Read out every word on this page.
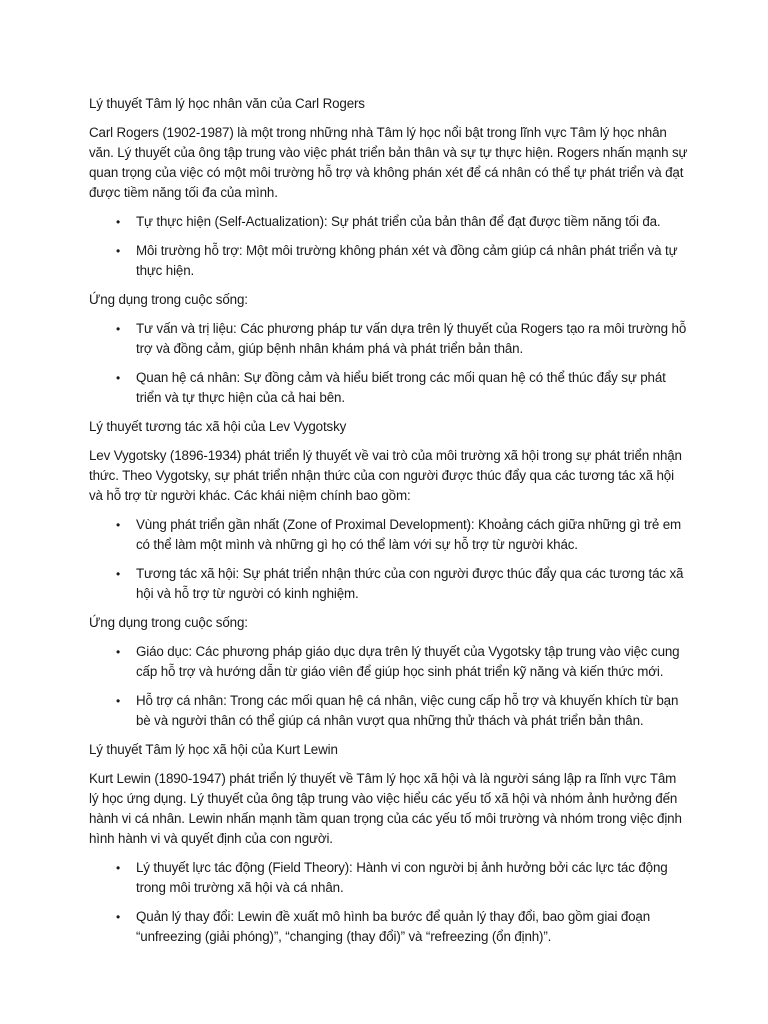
Lý thuyết Tâm lý học nhân văn của Carl Rogers

Carl Rogers (1902-1987) là một trong những nhà Tâm lý học nổi bật trong lĩnh vực Tâm lý học nhân văn. Lý thuyết của ông tập trung vào việc phát triển bản thân và sự tự thực hiện. Rogers nhấn mạnh sự quan trọng của việc có một môi trường hỗ trợ và không phán xét để cá nhân có thể tự phát triển và đạt được tiềm năng tối đa của mình.

• Tự thực hiện (Self-Actualization): Sự phát triển của bản thân để đạt được tiềm năng tối đa.
• Môi trường hỗ trợ: Một môi trường không phán xét và đồng cảm giúp cá nhân phát triển và tự thực hiện.

Ứng dụng trong cuộc sống:

• Tư vấn và trị liệu: Các phương pháp tư vấn dựa trên lý thuyết của Rogers tạo ra môi trường hỗ trợ và đồng cảm, giúp bệnh nhân khám phá và phát triển bản thân.
• Quan hệ cá nhân: Sự đồng cảm và hiểu biết trong các mối quan hệ có thể thúc đẩy sự phát triển và tự thực hiện của cả hai bên.

Lý thuyết tương tác xã hội của Lev Vygotsky

Lev Vygotsky (1896-1934) phát triển lý thuyết về vai trò của môi trường xã hội trong sự phát triển nhận thức. Theo Vygotsky, sự phát triển nhận thức của con người được thúc đẩy qua các tương tác xã hội và hỗ trợ từ người khác. Các khái niệm chính bao gồm:

• Vùng phát triển gần nhất (Zone of Proximal Development): Khoảng cách giữa những gì trẻ em có thể làm một mình và những gì họ có thể làm với sự hỗ trợ từ người khác.
• Tương tác xã hội: Sự phát triển nhận thức của con người được thúc đẩy qua các tương tác xã hội và hỗ trợ từ người có kinh nghiệm.

Ứng dụng trong cuộc sống:

• Giáo dục: Các phương pháp giáo dục dựa trên lý thuyết của Vygotsky tập trung vào việc cung cấp hỗ trợ và hướng dẫn từ giáo viên để giúp học sinh phát triển kỹ năng và kiến thức mới.
• Hỗ trợ cá nhân: Trong các mối quan hệ cá nhân, việc cung cấp hỗ trợ và khuyến khích từ bạn bè và người thân có thể giúp cá nhân vượt qua những thử thách và phát triển bản thân.

Lý thuyết Tâm lý học xã hội của Kurt Lewin

Kurt Lewin (1890-1947) phát triển lý thuyết về Tâm lý học xã hội và là người sáng lập ra lĩnh vực Tâm lý học ứng dụng. Lý thuyết của ông tập trung vào việc hiểu các yếu tố xã hội và nhóm ảnh hưởng đến hành vi cá nhân. Lewin nhấn mạnh tầm quan trọng của các yếu tố môi trường và nhóm trong việc định hình hành vi và quyết định của con người.

• Lý thuyết lực tác động (Field Theory): Hành vi con người bị ảnh hưởng bởi các lực tác động trong môi trường xã hội và cá nhân.
• Quản lý thay đổi: Lewin đề xuất mô hình ba bước để quản lý thay đổi, bao gồm giai đoạn “unfreezing (giải phóng)”, “changing (thay đổi)” và “refreezing (ổn định)”.
